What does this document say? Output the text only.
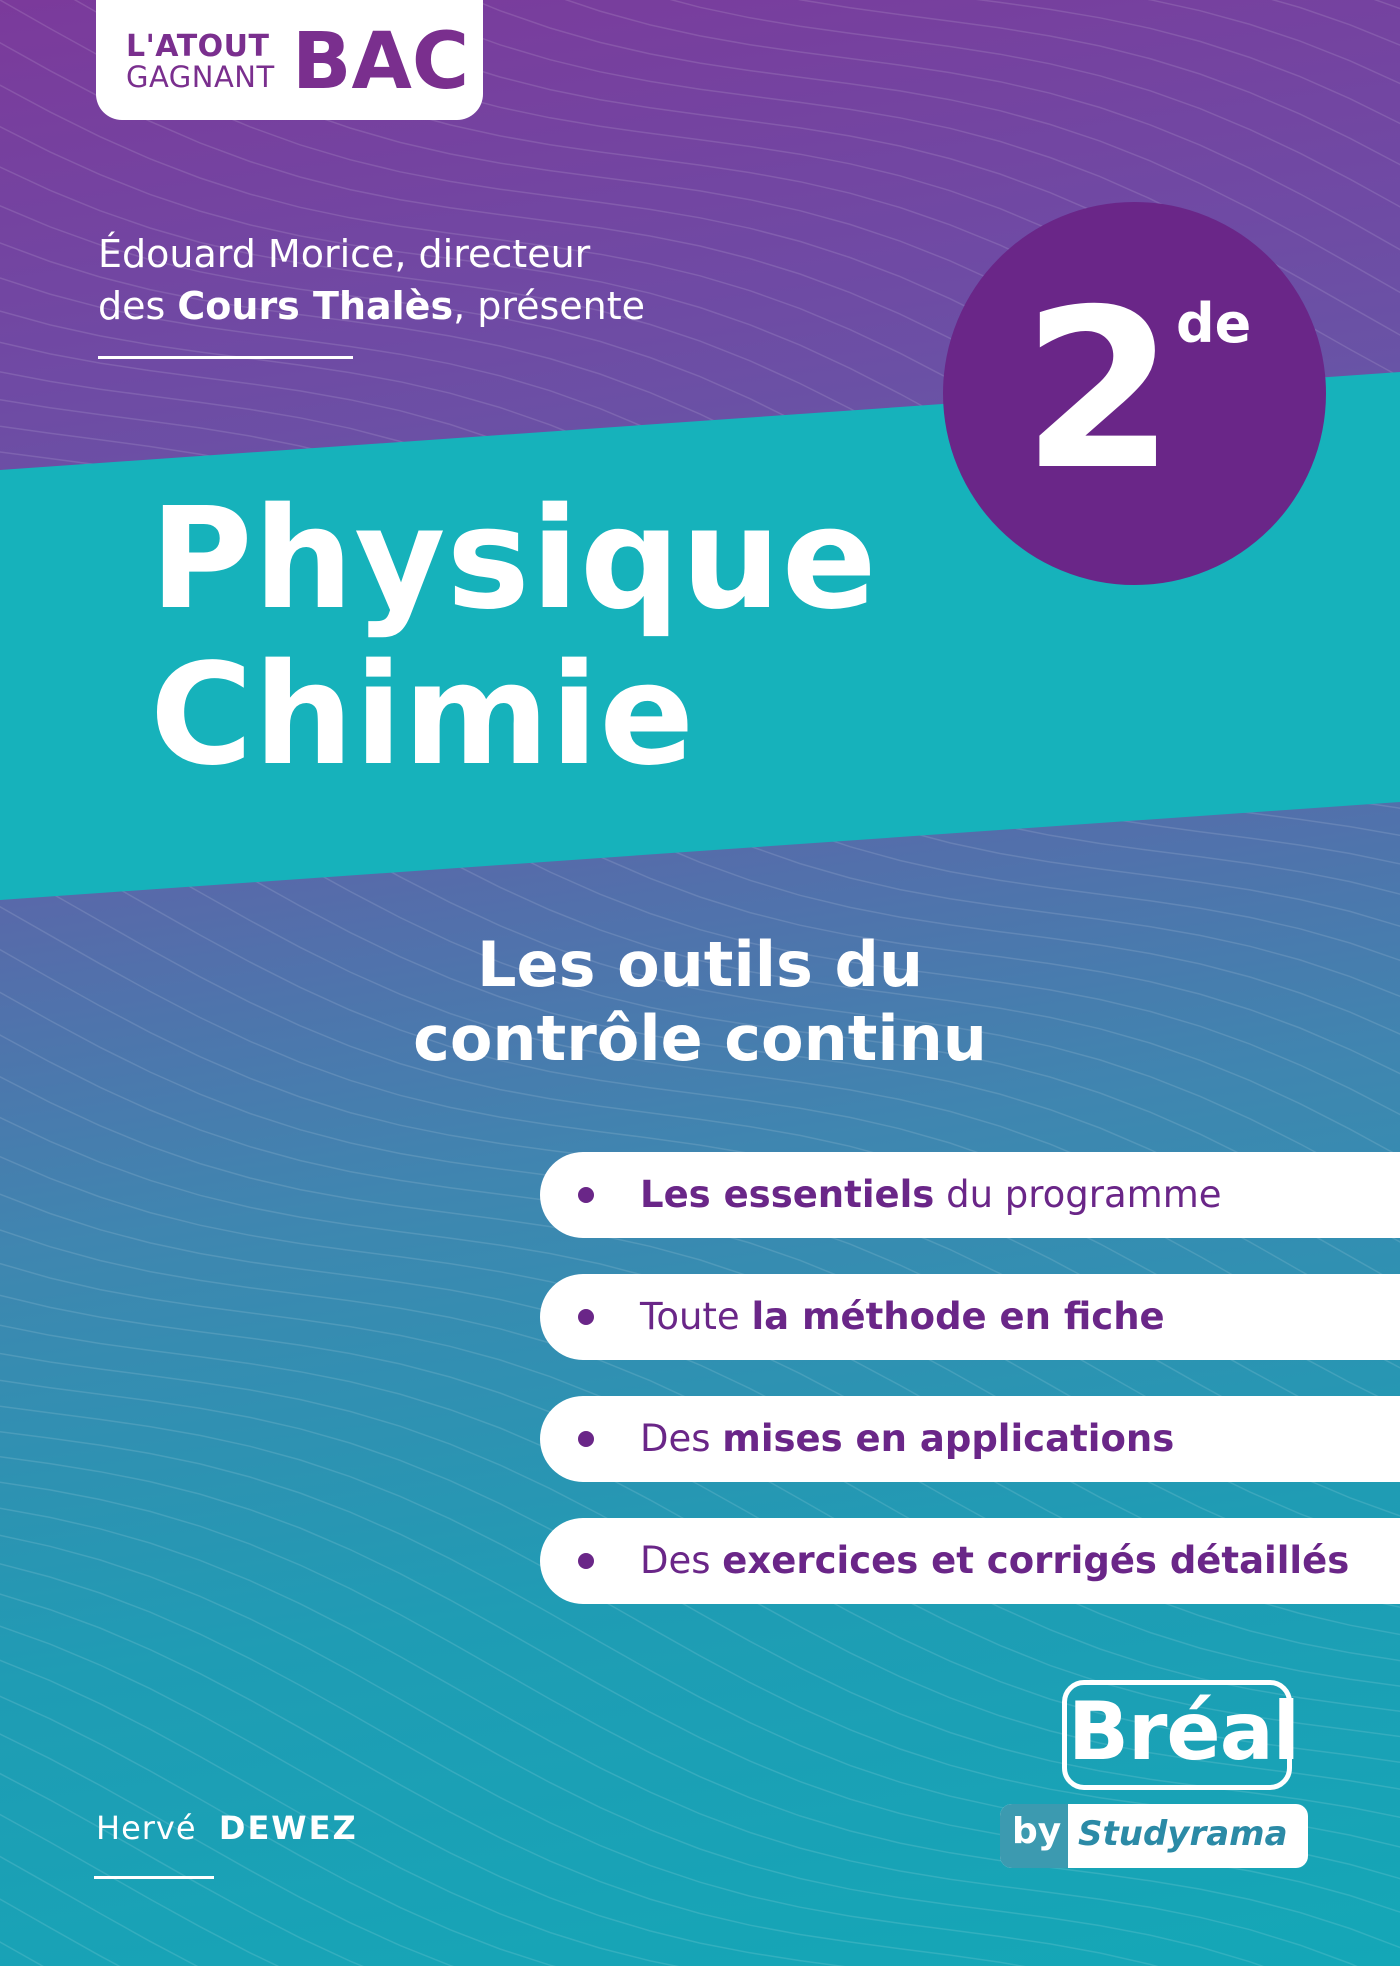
L'ATOUT
GAGNANT BAC
Édouard Morice, directeur
des Cours Thalès, présente 2 de
Physique
Chimie
Les outils du
contrôle continu
Les essentiels du programme
Toute la méthode en fiche
Des mises en applications
Des exercices et corrigés détaillés
Hervé DEWEZ
Bréal
by Studyrama
